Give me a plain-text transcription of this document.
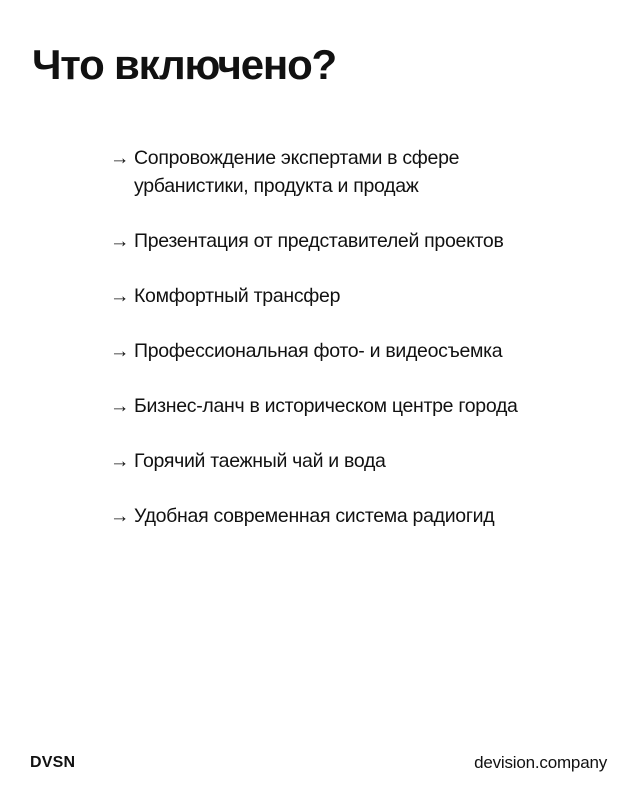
Что включено?
→ Сопровождение экспертами в сфере
урбанистики, продукта и продаж
→ Презентация от представителей проектов
→ Комфортный трансфер
→ Профессиональная фото- и видеосъемка
→ Бизнес-ланч в историческом центре города
→ Горячий таежный чай и вода
→ Удобная современная система радиогид
DVSN	devision.company
